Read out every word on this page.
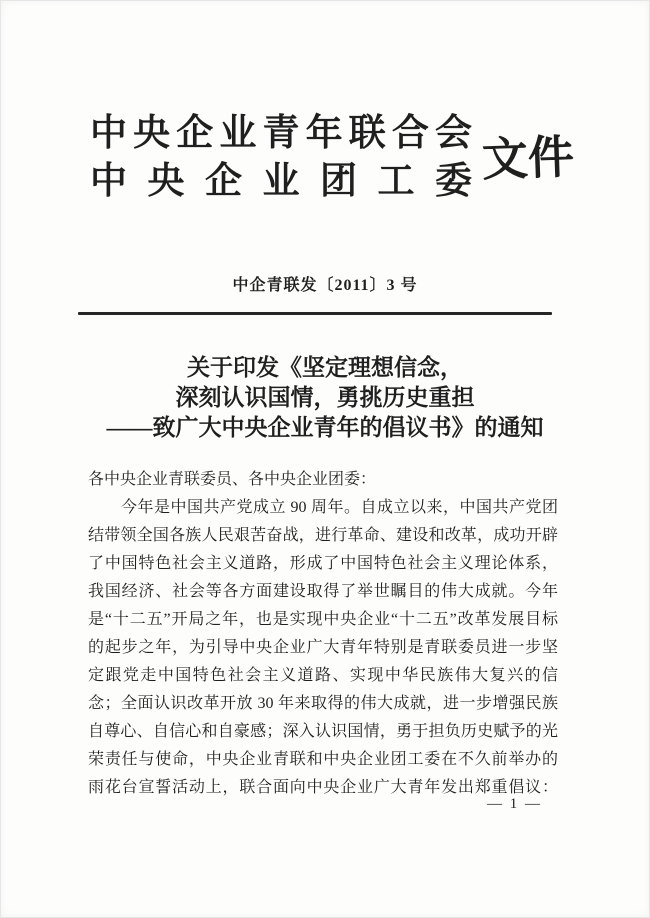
中央企业青年联合会
中央企业团工委 文件
中企青联发〔2011〕3 号
关于印发《坚定理想信念，
深刻认识国情，勇挑历史重担
——致广大中央企业青年的倡议书》的通知
各中央企业青联委员、各中央企业团委：
　　今年是中国共产党成立 90 周年。自成立以来，中国共产党团
结带领全国各族人民艰苦奋战，进行革命、建设和改革，成功开辟
了中国特色社会主义道路，形成了中国特色社会主义理论体系，
我国经济、社会等各方面建设取得了举世瞩目的伟大成就。今年
是“十二五”开局之年，也是实现中央企业“十二五”改革发展目标
的起步之年，为引导中央企业广大青年特别是青联委员进一步坚
定跟党走中国特色社会主义道路、实现中华民族伟大复兴的信
念；全面认识改革开放 30 年来取得的伟大成就，进一步增强民族
自尊心、自信心和自豪感；深入认识国情，勇于担负历史赋予的光
荣责任与使命，中央企业青联和中央企业团工委在不久前举办的
雨花台宣誓活动上，联合面向中央企业广大青年发出郑重倡议：
— 1 —
